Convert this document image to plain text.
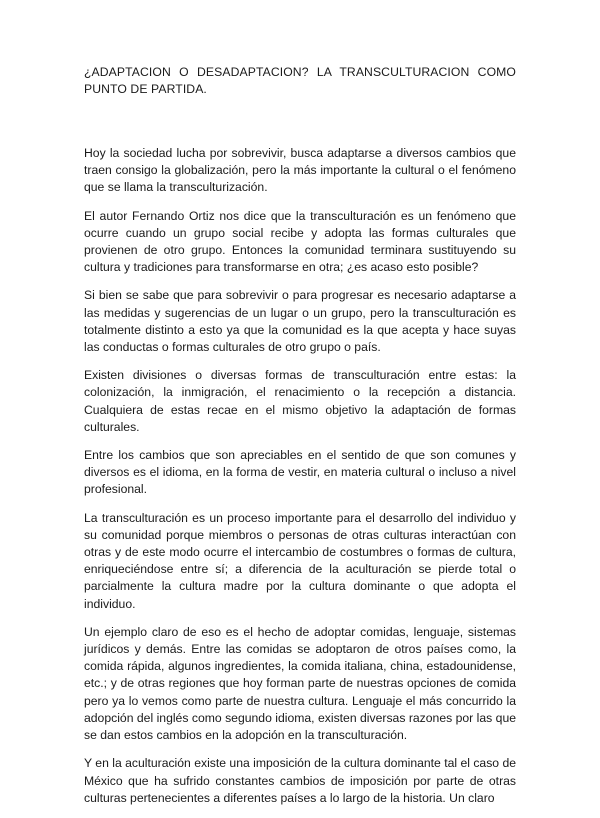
¿ADAPTACION O DESADAPTACION? LA TRANSCULTURACION COMO PUNTO DE PARTIDA.

Hoy la sociedad lucha por sobrevivir, busca adaptarse a diversos cambios que traen consigo la globalización, pero la más importante la cultural o el fenómeno que se llama la transculturización.

El autor Fernando Ortiz nos dice que la transculturación es un fenómeno que ocurre cuando un grupo social recibe y adopta las formas culturales que provienen de otro grupo. Entonces la comunidad terminara sustituyendo su cultura y tradiciones para transformarse en otra; ¿es acaso esto posible?

Si bien se sabe que para sobrevivir o para progresar es necesario adaptarse a las medidas y sugerencias de un lugar o un grupo, pero la transculturación es totalmente distinto a esto ya que la comunidad es la que acepta y hace suyas las conductas o formas culturales de otro grupo o país.

Existen divisiones o diversas formas de transculturación entre estas: la colonización, la inmigración, el renacimiento o la recepción a distancia. Cualquiera de estas recae en el mismo objetivo la adaptación de formas culturales.

Entre los cambios que son apreciables en el sentido de que son comunes y diversos es el idioma, en la forma de vestir, en materia cultural o incluso a nivel profesional.

La transculturación es un proceso importante para el desarrollo del individuo y su comunidad porque miembros o personas de otras culturas interactúan con otras y de este modo ocurre el intercambio de costumbres o formas de cultura, enriqueciéndose entre sí; a diferencia de la aculturación se pierde total o parcialmente la cultura madre por la cultura dominante o que adopta el individuo.

Un ejemplo claro de eso es el hecho de adoptar comidas, lenguaje, sistemas jurídicos y demás. Entre las comidas se adoptaron de otros países como, la comida rápida, algunos ingredientes, la comida italiana, china, estadounidense, etc.; y de otras regiones que hoy forman parte de nuestras opciones de comida pero ya lo vemos como parte de nuestra cultura. Lenguaje el más concurrido la adopción del inglés como segundo idioma, existen diversas razones por las que se dan estos cambios en la adopción en la transculturación.

Y en la aculturación existe una imposición de la cultura dominante tal el caso de México que ha sufrido constantes cambios de imposición por parte de otras culturas pertenecientes a diferentes países a lo largo de la historia. Un claro
